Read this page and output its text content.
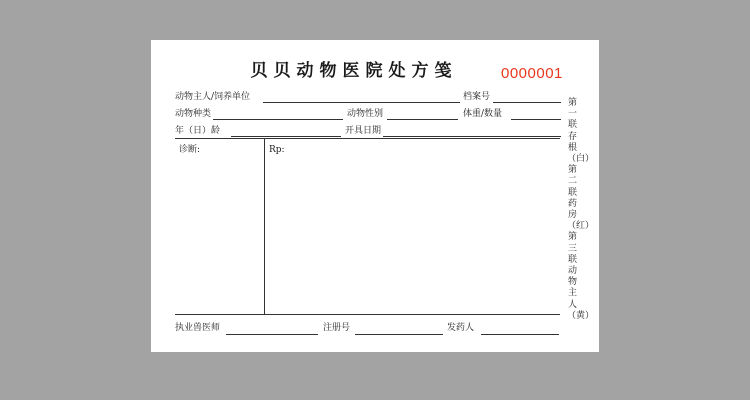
贝贝动物医院处方笺	0000001
动物主人/饲养单位	档案号
动物种类	动物性别	体重/数量
年（日）龄	开具日期
诊断:	Rp:
执业兽医师	注册号	发药人
第一联存根（白）第二联药房（红）第三联动物主人（黄）
